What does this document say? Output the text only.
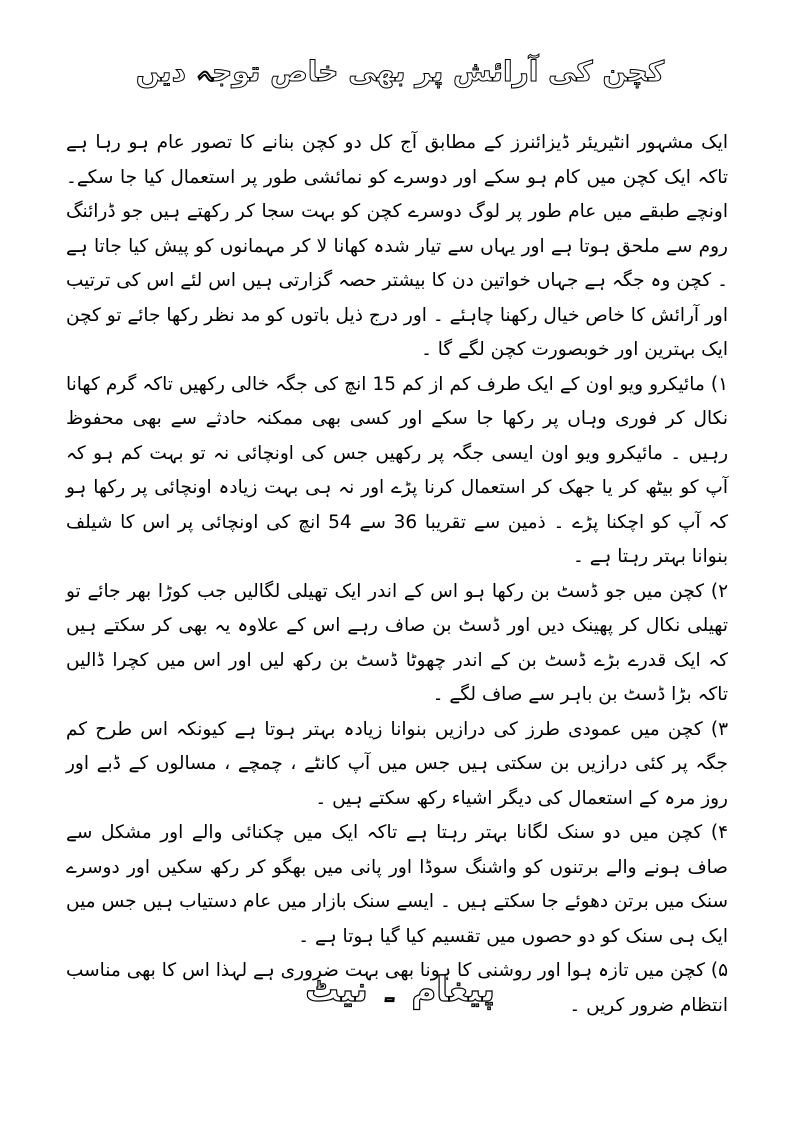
کچن کی آرائش پر بھی خاص توجہ دیں

ایک مشہور انٹیریئر ڈیزائنرز کے مطابق آج کل دو کچن بنانے کا تصور عام ہو رہا ہے تاکہ ایک کچن میں کام ہو سکے اور دوسرے کو نمائشی طور پر استعمال کیا جا سکے۔ اونچے طبقے میں عام طور پر لوگ دوسرے کچن کو بہت سجا کر رکھتے ہیں جو ڈرائنگ روم سے ملحق ہوتا ہے اور یہاں سے تیار شدہ کھانا لا کر مہمانوں کو پیش کیا جاتا ہے ۔ کچن وہ جگہ ہے جہاں خواتین دن کا بیشتر حصہ گزارتی ہیں اس لئے اس کی ترتیب اور آرائش کا خاص خیال رکھنا چاہئے ۔ اور درج ذیل باتوں کو مد نظر رکھا جائے تو کچن ایک بہترین اور خوبصورت کچن لگے گا ۔

۱) مائیکرو ویو اون کے ایک طرف کم از کم 15 انچ کی جگہ خالی رکھیں تاکہ گرم کھانا نکال کر فوری وہاں پر رکھا جا سکے اور کسی بھی ممکنہ حادثے سے بھی محفوظ رہیں ۔ مائیکرو ویو اون ایسی جگہ پر رکھیں جس کی اونچائی نہ تو بہت کم ہو کہ آپ کو بیٹھ کر یا جھک کر استعمال کرنا پڑے اور نہ ہی بہت زیادہ اونچائی پر رکھا ہو کہ آپ کو اچکنا پڑے ۔ ذمین سے تقریبا 36 سے 54 انچ کی اونچائی پر اس کا شیلف بنوانا بہتر رہتا ہے ۔

۲) کچن میں جو ڈسٹ بن رکھا ہو اس کے اندر ایک تھیلی لگالیں جب کوڑا بھر جائے تو تھیلی نکال کر پھینک دیں اور ڈسٹ بن صاف رہے اس کے علاوہ یہ بھی کر سکتے ہیں کہ ایک قدرے بڑے ڈسٹ بن کے اندر چھوٹا ڈسٹ بن رکھ لیں اور اس میں کچرا ڈالیں تاکہ بڑا ڈسٹ بن باہر سے صاف لگے ۔

۳) کچن میں عمودی طرز کی درازیں بنوانا زیادہ بہتر ہوتا ہے کیونکہ اس طرح کم جگہ پر کئی درازیں بن سکتی ہیں جس میں آپ کانٹے ، چمچے ، مسالوں کے ڈبے اور روز مرہ کے استعمال کی دیگر اشیاء رکھ سکتے ہیں ۔

۴) کچن میں دو سنک لگانا بہتر رہتا ہے تاکہ ایک میں چکنائی والے اور مشکل سے صاف ہونے والے برتنوں کو واشنگ سوڈا اور پانی میں بھگو کر رکھ سکیں اور دوسرے سنک میں برتن دھوئے جا سکتے ہیں ۔ ایسے سنک بازار میں عام دستیاب ہیں جس میں ایک ہی سنک کو دو حصوں میں تقسیم کیا گیا ہوتا ہے ۔

۵) کچن میں تازہ ہوا اور روشنی کا ہونا بھی بہت ضروری ہے لہذا اس کا بھی مناسب انتظام ضرور کریں ۔

پیغام ۔ نیٹ
